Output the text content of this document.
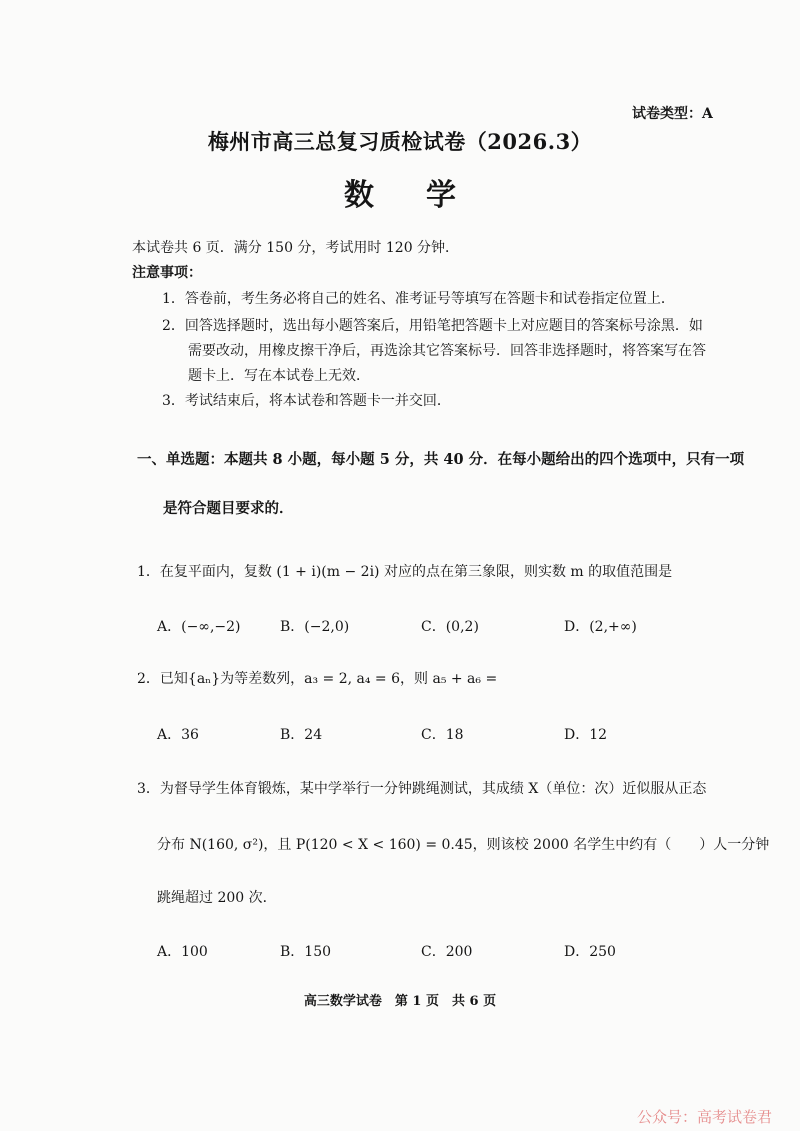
试卷类型：A
梅州市高三总复习质检试卷（2026.3）
数学
本试卷共 6 页．满分 150 分，考试用时 120 分钟．
注意事项：
1．答卷前，考生务必将自己的姓名、准考证号等填写在答题卡和试卷指定位置上．
2．回答选择题时，选出每小题答案后，用铅笔把答题卡上对应题目的答案标号涂黑．如
需要改动，用橡皮擦干净后，再选涂其它答案标号．回答非选择题时，将答案写在答
题卡上．写在本试卷上无效．
3．考试结束后，将本试卷和答题卡一并交回．
一、单选题：本题共 8 小题，每小题 5 分，共 40 分．在每小题给出的四个选项中，只有一项
是符合题目要求的．
1．在复平面内，复数 (1 + i)(m − 2i) 对应的点在第三象限，则实数 m 的取值范围是
A．(−∞,−2)	B．(−2,0)	C．(0,2)	D．(2,+∞)
2．已知{aₙ}为等差数列，a₃ = 2, a₄ = 6，则 a₅ + a₆ =
A．36	B．24	C．18	D．12
3．为督导学生体育锻炼，某中学举行一分钟跳绳测试，其成绩 X（单位：次）近似服从正态
分布 N(160, σ²)，且 P(120 < X < 160) = 0.45，则该校 2000 名学生中约有（　　）人一分钟
跳绳超过 200 次．
A．100	B．150	C．200	D．250
高三数学试卷　第 1 页　共 6 页
公众号：高考试卷君
